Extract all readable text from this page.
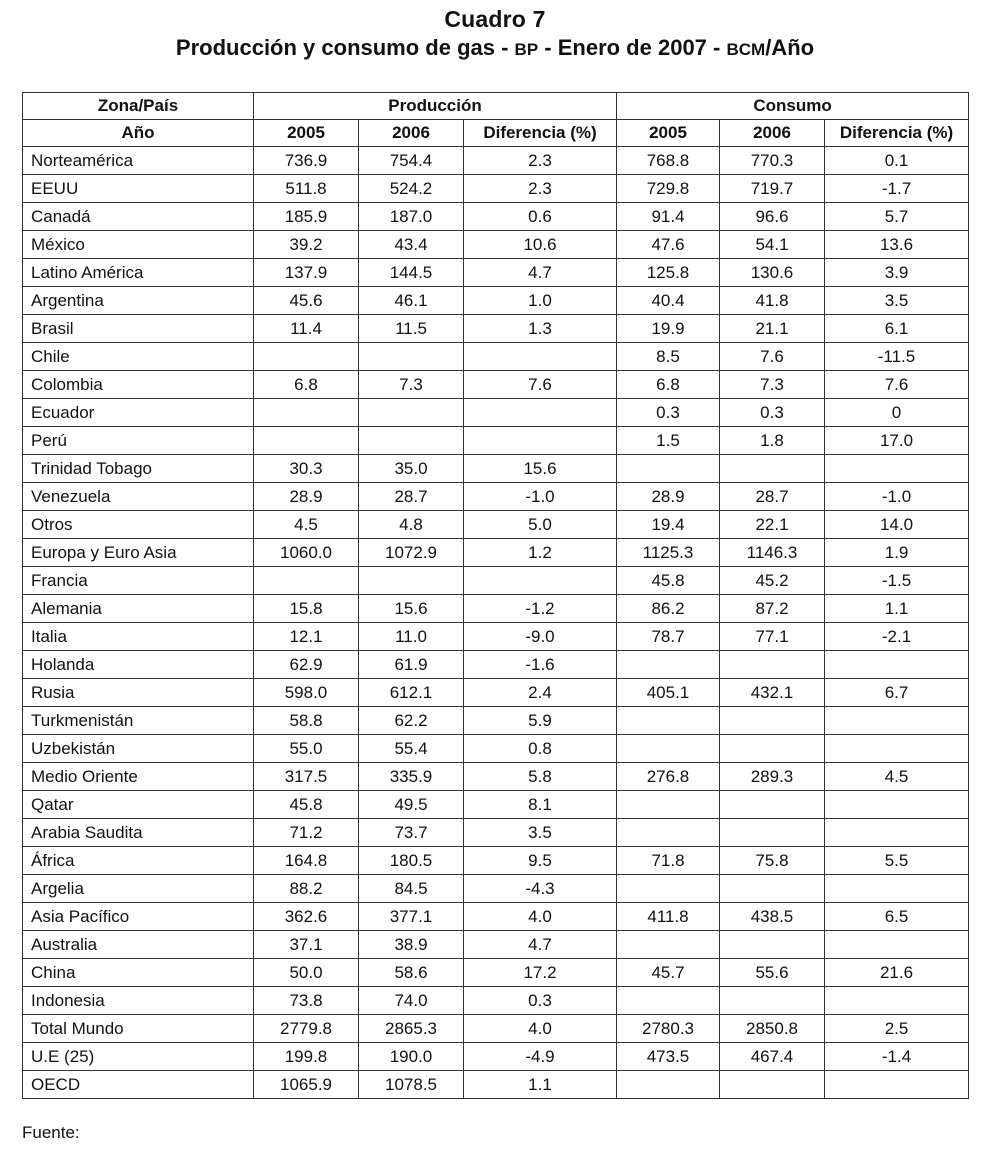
Cuadro 7
Producción y consumo de gas - BP - Enero de 2007 - BCM/Año
Zona/País	Producción			Consumo		
Año	2005	2006	Diferencia (%)	2005	2006	Diferencia (%)
Norteamérica	736.9	754.4	2.3	768.8	770.3	0.1
EEUU	511.8	524.2	2.3	729.8	719.7	-1.7
Canadá	185.9	187.0	0.6	91.4	96.6	5.7
México	39.2	43.4	10.6	47.6	54.1	13.6
Latino América	137.9	144.5	4.7	125.8	130.6	3.9
Argentina	45.6	46.1	1.0	40.4	41.8	3.5
Brasil	11.4	11.5	1.3	19.9	21.1	6.1
Chile				8.5	7.6	-11.5
Colombia	6.8	7.3	7.6	6.8	7.3	7.6
Ecuador				0.3	0.3	0
Perú				1.5	1.8	17.0
Trinidad Tobago	30.3	35.0	15.6			
Venezuela	28.9	28.7	-1.0	28.9	28.7	-1.0
Otros	4.5	4.8	5.0	19.4	22.1	14.0
Europa y Euro Asia	1060.0	1072.9	1.2	1125.3	1146.3	1.9
Francia				45.8	45.2	-1.5
Alemania	15.8	15.6	-1.2	86.2	87.2	1.1
Italia	12.1	11.0	-9.0	78.7	77.1	-2.1
Holanda	62.9	61.9	-1.6			
Rusia	598.0	612.1	2.4	405.1	432.1	6.7
Turkmenistán	58.8	62.2	5.9			
Uzbekistán	55.0	55.4	0.8			
Medio Oriente	317.5	335.9	5.8	276.8	289.3	4.5
Qatar	45.8	49.5	8.1			
Arabia Saudita	71.2	73.7	3.5			
África	164.8	180.5	9.5	71.8	75.8	5.5
Argelia	88.2	84.5	-4.3			
Asia Pacífico	362.6	377.1	4.0	411.8	438.5	6.5
Australia	37.1	38.9	4.7			
China	50.0	58.6	17.2	45.7	55.6	21.6
Indonesia	73.8	74.0	0.3			
Total Mundo	2779.8	2865.3	4.0	2780.3	2850.8	2.5
U.E (25)	199.8	190.0	-4.9	473.5	467.4	-1.4
OECD	1065.9	1078.5	1.1			
Fuente:
